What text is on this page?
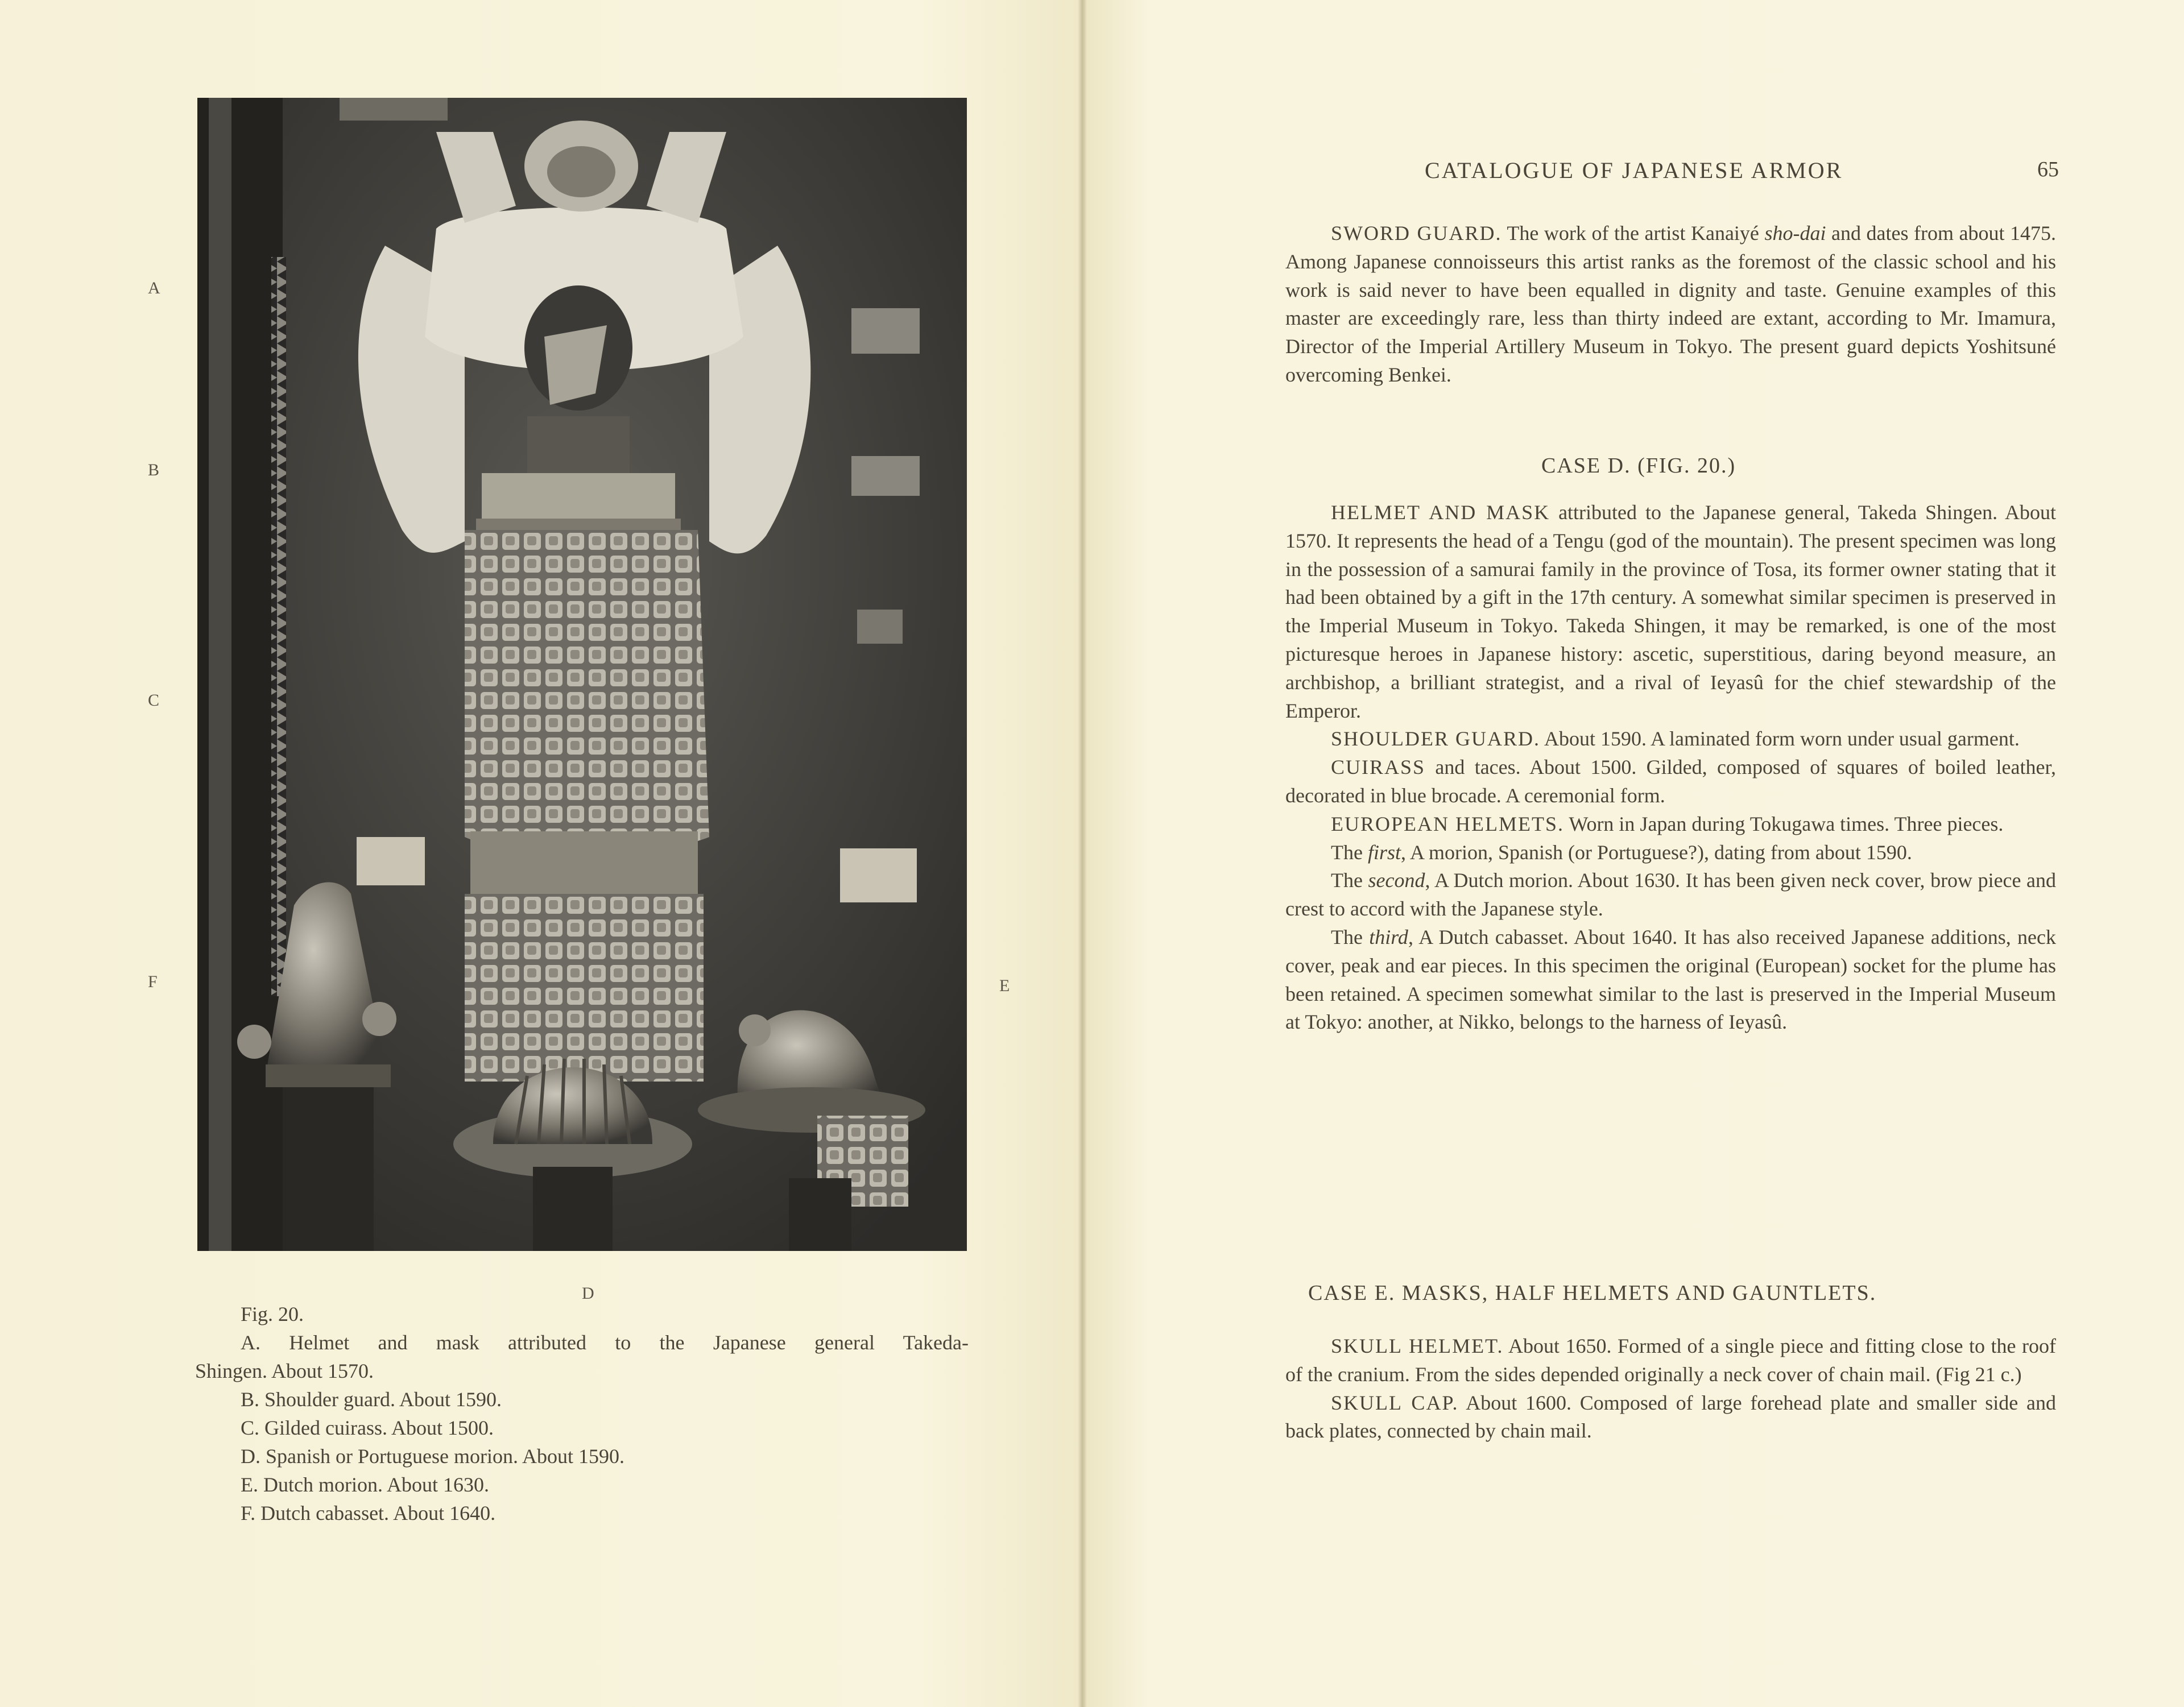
A
B
C
F	E
D
Fig. 20.
A. Helmet and mask attributed to the Japanese general Takeda-
Shingen. About 1570.
B. Shoulder guard. About 1590.
C. Gilded cuirass. About 1500.
D. Spanish or Portuguese morion. About 1590.
E. Dutch morion. About 1630.
F. Dutch cabasset. About 1640.
CATALOGUE OF JAPANESE ARMOR	65

SWORD GUARD. The work of the artist Kanaiyé sho-dai and dates from about 1475. Among Japanese connoisseurs this artist ranks as the foremost of the classic school and his work is said never to have been equalled in dignity and taste. Genuine examples of this master are exceedingly rare, less than thirty indeed are extant, according to Mr. Imamura, Director of the Imperial Artillery Museum in Tokyo. The present guard depicts Yoshitsuné overcoming Benkei.

CASE D. (FIG. 20.)

HELMET AND MASK attributed to the Japanese general, Takeda Shingen. About 1570. It represents the head of a Tengu (god of the mountain). The present specimen was long in the possession of a samurai family in the province of Tosa, its former owner stating that it had been obtained by a gift in the 17th century. A somewhat similar specimen is preserved in the Imperial Museum in Tokyo. Takeda Shingen, it may be remarked, is one of the most picturesque heroes in Japanese history: ascetic, superstitious, daring beyond measure, an archbishop, a brilliant strategist, and a rival of Ieyasû for the chief stewardship of the Emperor.

SHOULDER GUARD. About 1590. A laminated form worn under usual garment.

CUIRASS and taces. About 1500. Gilded, composed of squares of boiled leather, decorated in blue brocade. A ceremonial form.

EUROPEAN HELMETS. Worn in Japan during Tokugawa times. Three pieces.

The first, A morion, Spanish (or Portuguese?), dating from about 1590.

The second, A Dutch morion. About 1630. It has been given neck cover, brow piece and crest to accord with the Japanese style.

The third, A Dutch cabasset. About 1640. It has also received Japanese additions, neck cover, peak and ear pieces. In this specimen the original (European) socket for the plume has been retained. A specimen somewhat similar to the last is preserved in the Imperial Museum at Tokyo: another, at Nikko, belongs to the harness of Ieyasû.

CASE E. MASKS, HALF HELMETS AND GAUNTLETS.

SKULL HELMET. About 1650. Formed of a single piece and fitting close to the roof of the cranium. From the sides depended originally a neck cover of chain mail. (Fig 21 c.)

SKULL CAP. About 1600. Composed of large forehead plate and smaller side and back plates, connected by chain mail.
